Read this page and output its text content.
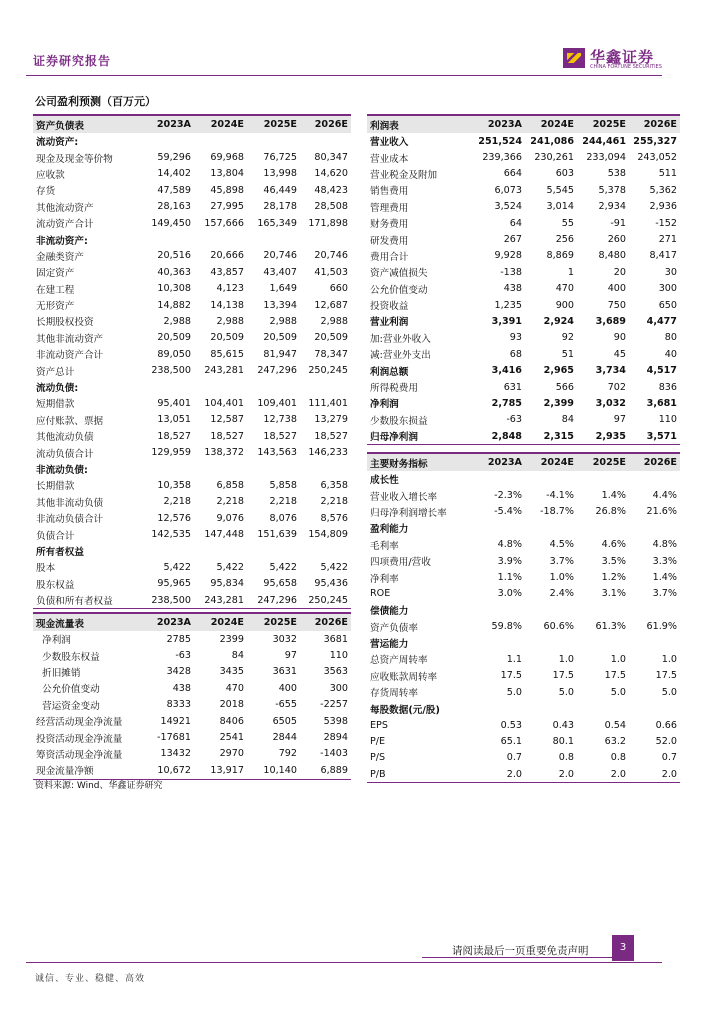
证券研究报告	华鑫证券
CHINA FORTUNE SECURITIES
公司盈利预测（百万元）
资产负债表	2023A	2024E	2025E	2026E
流动资产:				
现金及现金等价物	59,296	69,968	76,725	80,347
应收款	14,402	13,804	13,998	14,620
存货	47,589	45,898	46,449	48,423
其他流动资产	28,163	27,995	28,178	28,508
流动资产合计	149,450	157,666	165,349	171,898
非流动资产:				
金融类资产	20,516	20,666	20,746	20,746
固定资产	40,363	43,857	43,407	41,503
在建工程	10,308	4,123	1,649	660
无形资产	14,882	14,138	13,394	12,687
长期股权投资	2,988	2,988	2,988	2,988
其他非流动资产	20,509	20,509	20,509	20,509
非流动资产合计	89,050	85,615	81,947	78,347
资产总计	238,500	243,281	247,296	250,245
流动负债:				
短期借款	95,401	104,401	109,401	111,401
应付账款、票据	13,051	12,587	12,738	13,279
其他流动负债	18,527	18,527	18,527	18,527
流动负债合计	129,959	138,372	143,563	146,233
非流动负债:				
长期借款	10,358	6,858	5,858	6,358
其他非流动负债	2,218	2,218	2,218	2,218
非流动负债合计	12,576	9,076	8,076	8,576
负债合计	142,535	147,448	151,639	154,809
所有者权益				
股本	5,422	5,422	5,422	5,422
股东权益	95,965	95,834	95,658	95,436
负债和所有者权益	238,500	243,281	247,296	250,245
利润表	2023A	2024E	2025E	2026E
营业收入	251,524	241,086	244,461	255,327
营业成本	239,366	230,261	233,094	243,052
营业税金及附加	664	603	538	511
销售费用	6,073	5,545	5,378	5,362
管理费用	3,524	3,014	2,934	2,936
财务费用	64	55	-91	-152
研发费用	267	256	260	271
费用合计	9,928	8,869	8,480	8,417
资产减值损失	-138	1	20	30
公允价值变动	438	470	400	300
投资收益	1,235	900	750	650
营业利润	3,391	2,924	3,689	4,477
加:营业外收入	93	92	90	80
减:营业外支出	68	51	45	40
利润总额	3,416	2,965	3,734	4,517
所得税费用	631	566	702	836
净利润	2,785	2,399	3,032	3,681
少数股东损益	-63	84	97	110
归母净利润	2,848	2,315	2,935	3,571
主要财务指标	2023A	2024E	2025E	2026E
成长性				
营业收入增长率	-2.3%	-4.1%	1.4%	4.4%
归母净利润增长率	-5.4%	-18.7%	26.8%	21.6%
盈利能力				
毛利率	4.8%	4.5%	4.6%	4.8%
四项费用/营收	3.9%	3.7%	3.5%	3.3%
净利率	1.1%	1.0%	1.2%	1.4%
ROE	3.0%	2.4%	3.1%	3.7%
偿债能力				
资产负债率	59.8%	60.6%	61.3%	61.9%
营运能力				
总资产周转率	1.1	1.0	1.0	1.0
应收账款周转率	17.5	17.5	17.5	17.5
存货周转率	5.0	5.0	5.0	5.0
每股数据(元/股)				
EPS	0.53	0.43	0.54	0.66
P/E	65.1	80.1	63.2	52.0
P/S	0.7	0.8	0.8	0.7
P/B	2.0	2.0	2.0	2.0
现金流量表	2023A	2024E	2025E	2026E
净利润	2785	2399	3032	3681
少数股东权益	-63	84	97	110
折旧摊销	3428	3435	3631	3563
公允价值变动	438	470	400	300
营运资金变动	8333	2018	-655	-2257
经营活动现金净流量	14921	8406	6505	5398
投资活动现金净流量	-17681	2541	2844	2894
筹资活动现金净流量	13432	2970	792	-1403
现金流量净额	10,672	13,917	10,140	6,889
资料来源: Wind、华鑫证券研究
请阅读最后一页重要免责声明	3
诚信、专业、稳健、高效
